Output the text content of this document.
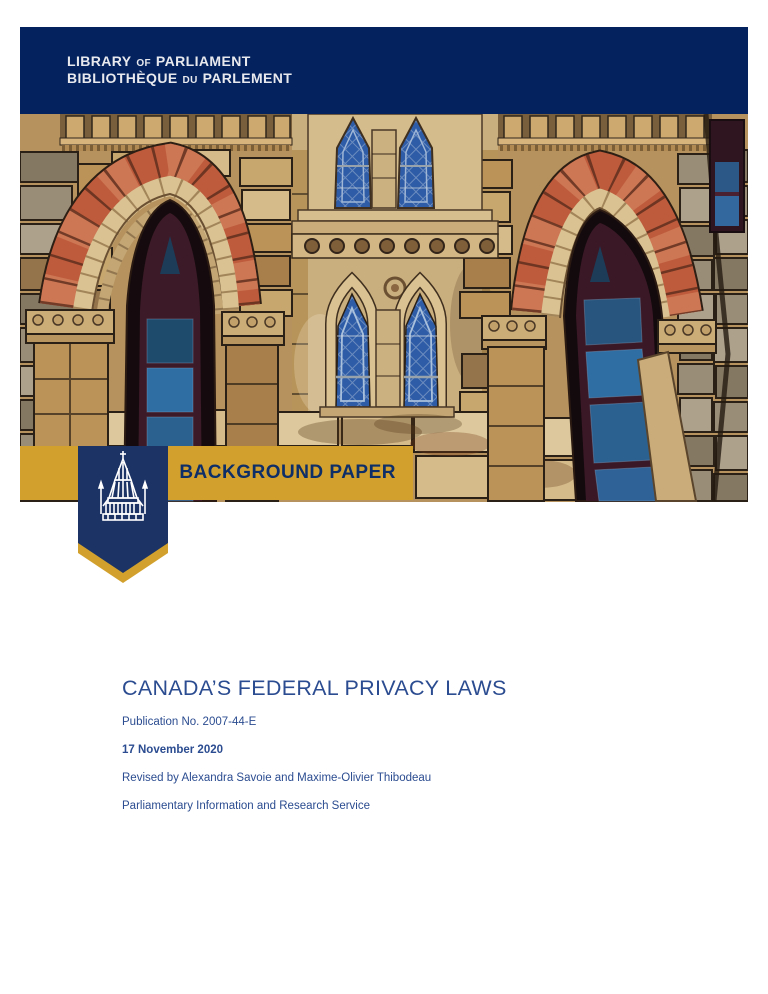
LIBRARY OF PARLIAMENT
BIBLIOTHÈQUE DU PARLEMENT
BACKGROUND PAPER
CANADA’S FEDERAL PRIVACY LAWS
Publication No. 2007-44-E
17 November 2020
Revised by Alexandra Savoie and Maxime-Olivier Thibodeau
Parliamentary Information and Research Service
